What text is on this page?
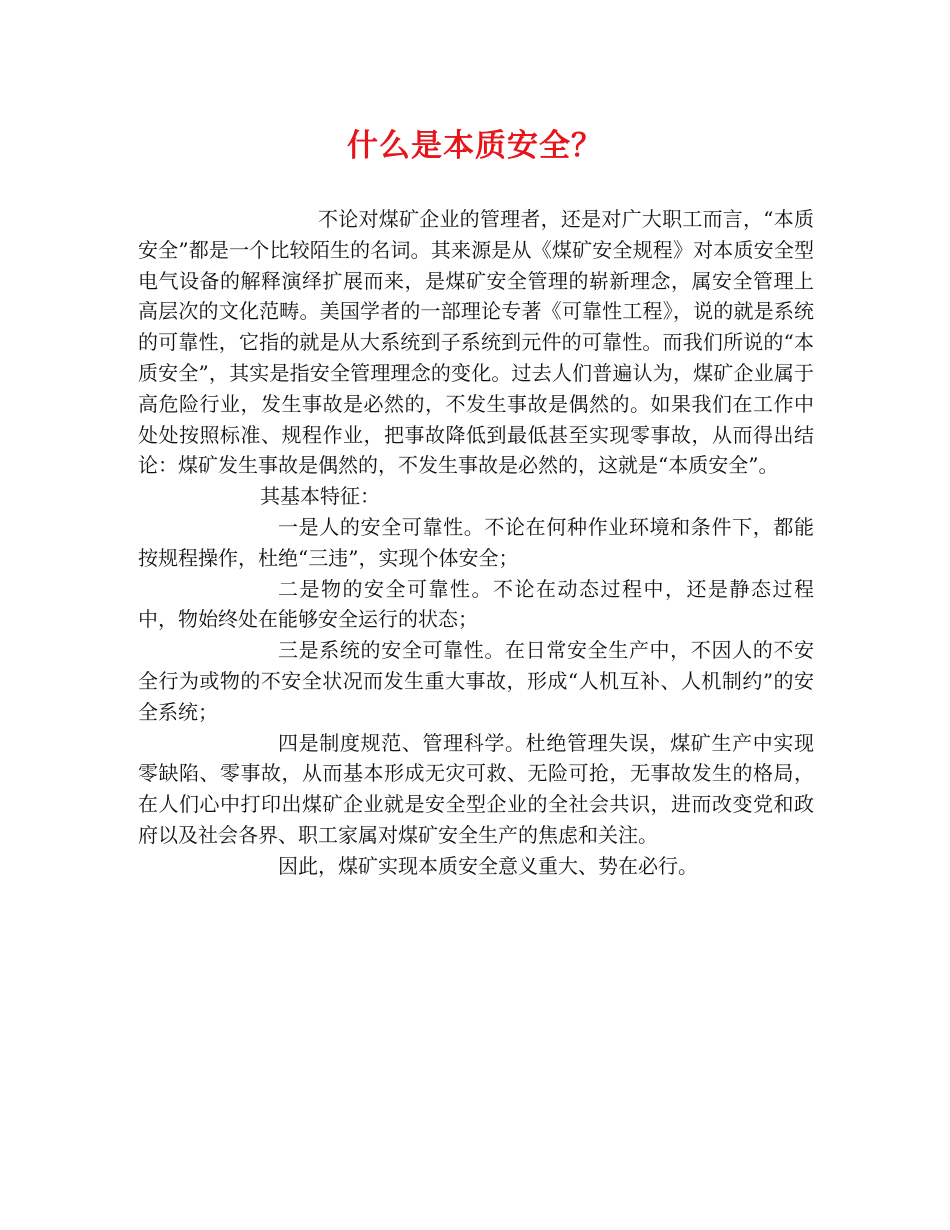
什么是本质安全？

不论对煤矿企业的管理者，还是对广大职工而言，“本质安全”都是一个比较陌生的名词。其来源是从《煤矿安全规程》对本质安全型电气设备的解释演绎扩展而来，是煤矿安全管理的崭新理念，属安全管理上高层次的文化范畴。美国学者的一部理论专著《可靠性工程》，说的就是系统的可靠性，它指的就是从大系统到子系统到元件的可靠性。而我们所说的“本质安全”，其实是指安全管理理念的变化。过去人们普遍认为，煤矿企业属于高危险行业，发生事故是必然的，不发生事故是偶然的。如果我们在工作中处处按照标准、规程作业，把事故降低到最低甚至实现零事故，从而得出结论：煤矿发生事故是偶然的，不发生事故是必然的，这就是“本质安全”。

其基本特征：

一是人的安全可靠性。不论在何种作业环境和条件下，都能按规程操作，杜绝“三违”，实现个体安全；

二是物的安全可靠性。不论在动态过程中，还是静态过程中，物始终处在能够安全运行的状态；

三是系统的安全可靠性。在日常安全生产中，不因人的不安全行为或物的不安全状况而发生重大事故，形成“人机互补、人机制约”的安全系统；

四是制度规范、管理科学。杜绝管理失误，煤矿生产中实现零缺陷、零事故，从而基本形成无灾可救、无险可抢，无事故发生的格局，在人们心中打印出煤矿企业就是安全型企业的全社会共识，进而改变党和政府以及社会各界、职工家属对煤矿安全生产的焦虑和关注。

因此，煤矿实现本质安全意义重大、势在必行。
